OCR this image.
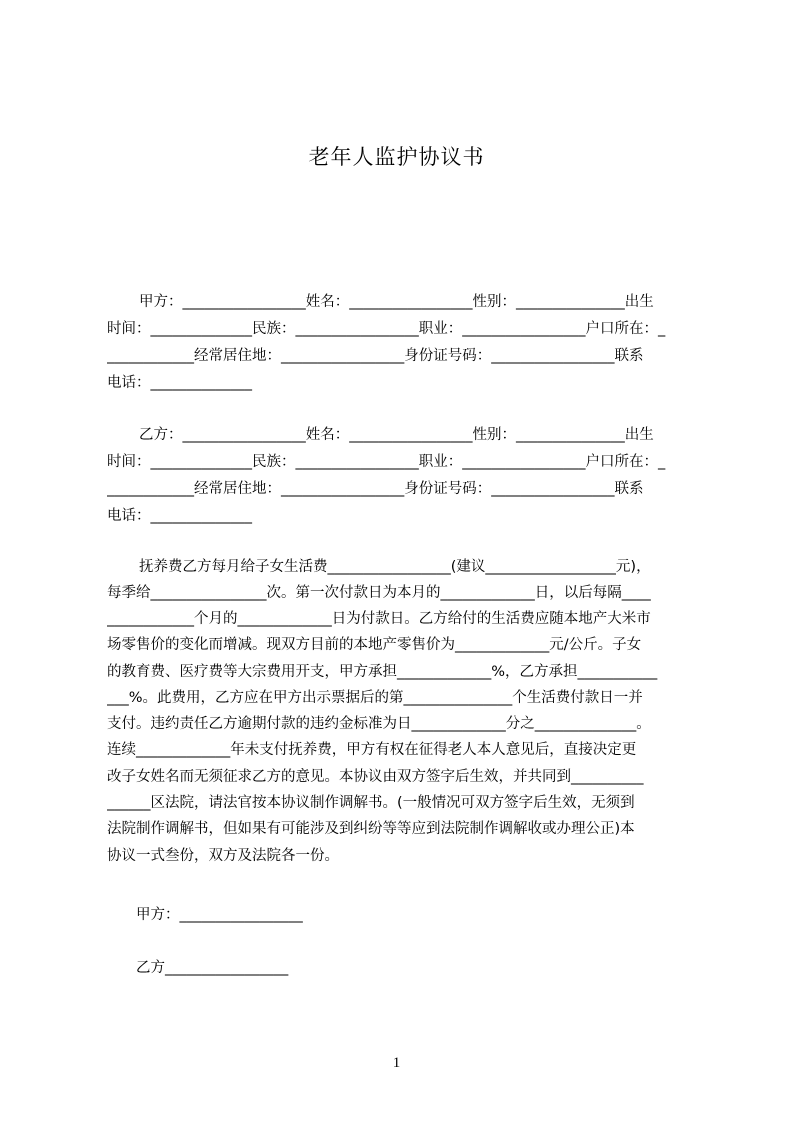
老年人监护协议书
甲方：_________________姓名：_________________性别：_______________出生
时间：______________民族：_________________职业：_________________户口所在：_
____________经常居住地：_________________身份证号码：_________________联系
电话：______________
乙方：_________________姓名：_________________性别：_______________出生
时间：______________民族：_________________职业：_________________户口所在：_
____________经常居住地：_________________身份证号码：_________________联系
电话：______________
抚养费乙方每月给子女生活费_________________(建议__________________元)，
每季给________________次。第一次付款日为本月的_____________日，以后每隔____
____________个月的_____________日为付款日。乙方给付的生活费应随本地产大米市
场零售价的变化而增减。现双方目前的本地产零售价为_____________元/公斤。子女
的教育费、医疗费等大宗费用开支，甲方承担_____________%，乙方承担___________
___%。此费用，乙方应在甲方出示票据后的第_______________个生活费付款日一并
支付。违约责任乙方逾期付款的违约金标准为日_____________分之______________。
连续_____________年未支付抚养费，甲方有权在征得老人本人意见后，直接决定更
改子女姓名而无须征求乙方的意见。本协议由双方签字后生效，并共同到__________
______区法院，请法官按本协议制作调解书。(一般情况可双方签字后生效，无须到
法院制作调解书，但如果有可能涉及到纠纷等等应到法院制作调解收或办理公正)本
协议一式叁份，双方及法院各一份。
甲方：_________________
乙方_________________
1
